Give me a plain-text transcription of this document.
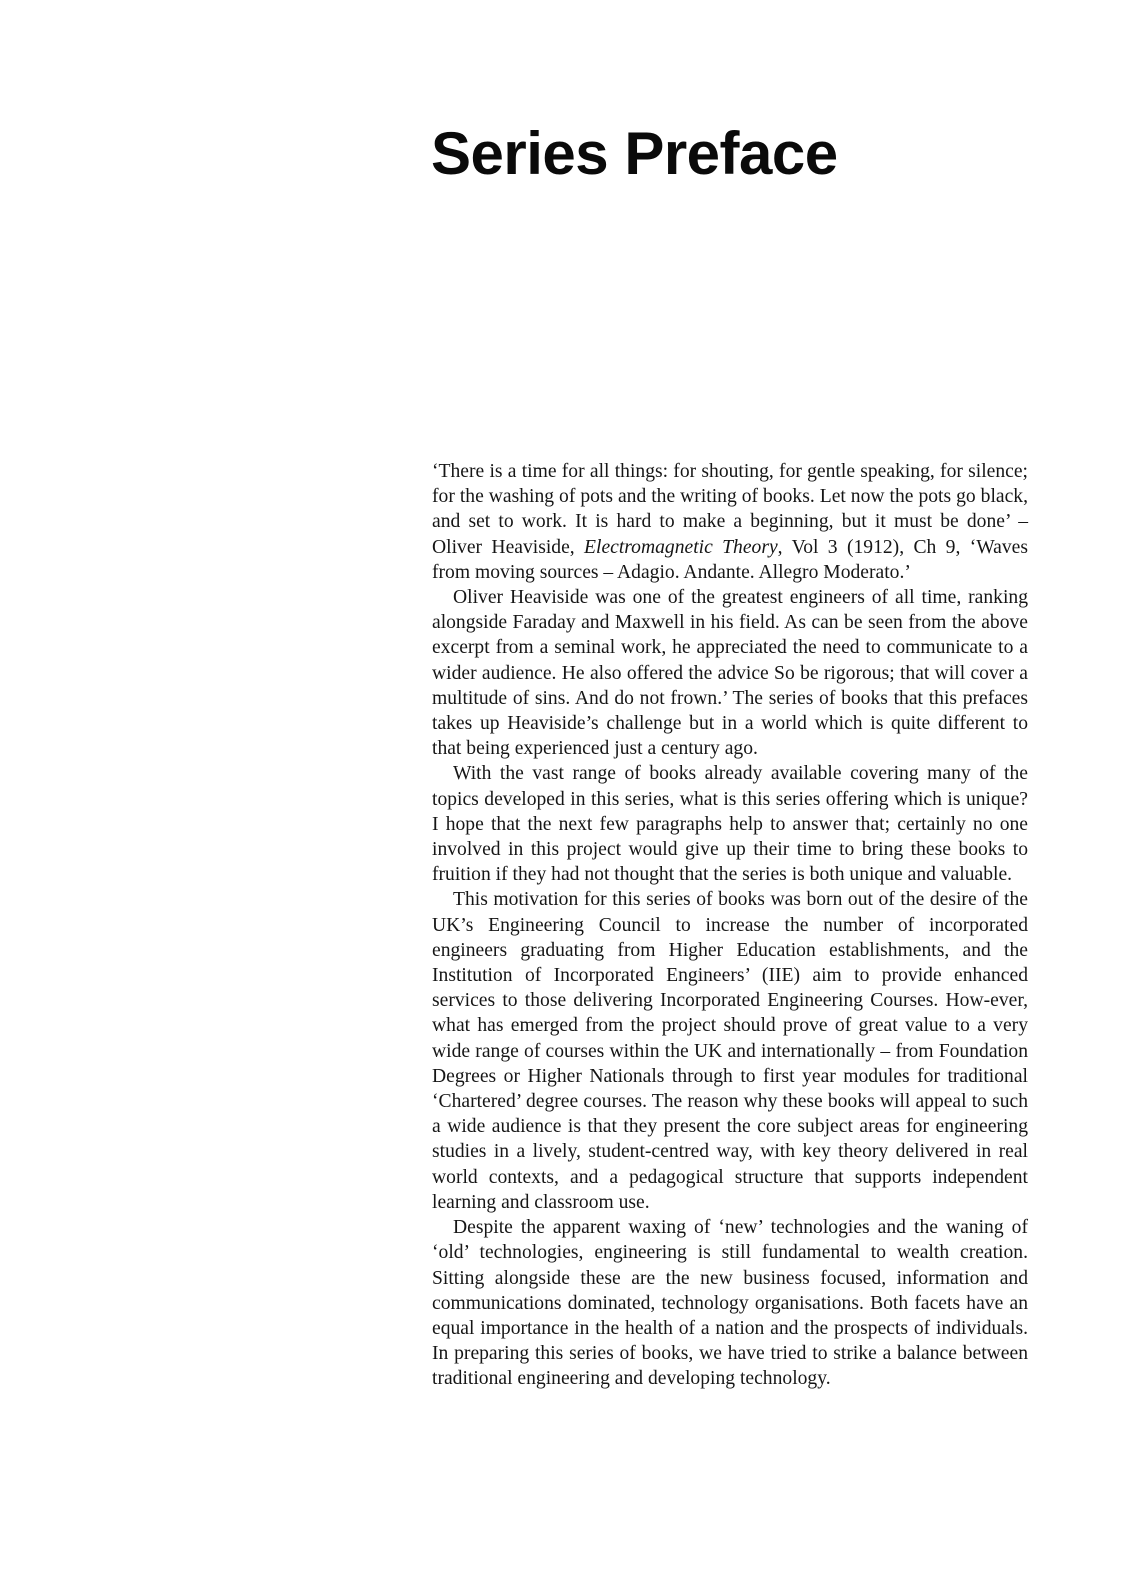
Series Preface

‘There is a time for all things: for shouting, for gentle speaking, for silence; for the washing of pots and the writing of books. Let now the pots go black, and set to work. It is hard to make a beginning, but it must be done’ – Oliver Heaviside, Electromagnetic Theory, Vol 3 (1912), Ch 9, ‘Waves from moving sources – Adagio. Andante. Allegro Moderato.’

Oliver Heaviside was one of the greatest engineers of all time, ranking alongside Faraday and Maxwell in his field. As can be seen from the above excerpt from a seminal work, he appreciated the need to communicate to a wider audience. He also offered the advice So be rigorous; that will cover a multitude of sins. And do not frown.’ The series of books that this prefaces takes up Heaviside’s challenge but in a world which is quite different to that being experienced just a century ago.

With the vast range of books already available covering many of the topics developed in this series, what is this series offering which is unique? I hope that the next few paragraphs help to answer that; certainly no one involved in this project would give up their time to bring these books to fruition if they had not thought that the series is both unique and valuable.

This motivation for this series of books was born out of the desire of the UK’s Engineering Council to increase the number of incorporated engineers graduating from Higher Education establishments, and the Institution of Incorporated Engineers’ (IIE) aim to provide enhanced services to those delivering Incorporated Engineering Courses. How-ever, what has emerged from the project should prove of great value to a very wide range of courses within the UK and internationally – from Foundation Degrees or Higher Nationals through to first year modules for traditional ‘Chartered’ degree courses. The reason why these books will appeal to such a wide audience is that they present the core subject areas for engineering studies in a lively, student-centred way, with key theory delivered in real world contexts, and a pedagogical structure that supports independent learning and classroom use.

Despite the apparent waxing of ‘new’ technologies and the waning of ‘old’ technologies, engineering is still fundamental to wealth creation. Sitting alongside these are the new business focused, information and communications dominated, technology organisations. Both facets have an equal importance in the health of a nation and the prospects of individuals. In preparing this series of books, we have tried to strike a balance between traditional engineering and developing technology.
